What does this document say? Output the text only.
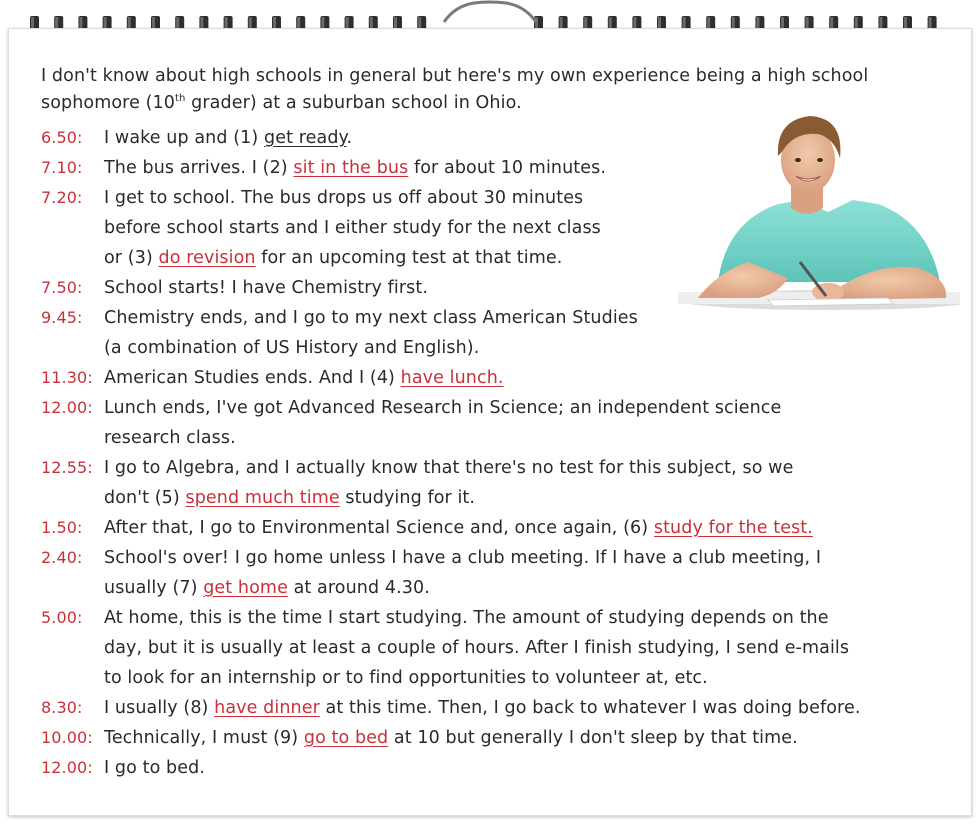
I don't know about high schools in general but here's my own experience being a high school
sophomore (10th grader) at a suburban school in Ohio.
6.50:	I wake up and (1) get ready.
7.10:	The bus arrives. I (2) sit in the bus for about 10 minutes.
7.20:	I get to school. The bus drops us off about 30 minutes
before school starts and I either study for the next class
or (3) do revision for an upcoming test at that time.
7.50:	School starts! I have Chemistry first.
9.45:	Chemistry ends, and I go to my next class American Studies
(a combination of US History and English).
11.30: American Studies ends. And I (4) have lunch.
12.00: Lunch ends, I've got Advanced Research in Science; an independent science
research class.
12.55: I go to Algebra, and I actually know that there's no test for this subject, so we
don't (5) spend much time studying for it.
1.50:	After that, I go to Environmental Science and, once again, (6) study for the test.
2.40:	School's over! I go home unless I have a club meeting. If I have a club meeting, I
usually (7) get home at around 4.30.
5.00:	At home, this is the time I start studying. The amount of studying depends on the
day, but it is usually at least a couple of hours. After I finish studying, I send e-mails
to look for an internship or to find opportunities to volunteer at, etc.
8.30:	I usually (8) have dinner at this time. Then, I go back to whatever I was doing before.
10.00: Technically, I must (9) go to bed at 10 but generally I don't sleep by that time.
12.00: I go to bed.
